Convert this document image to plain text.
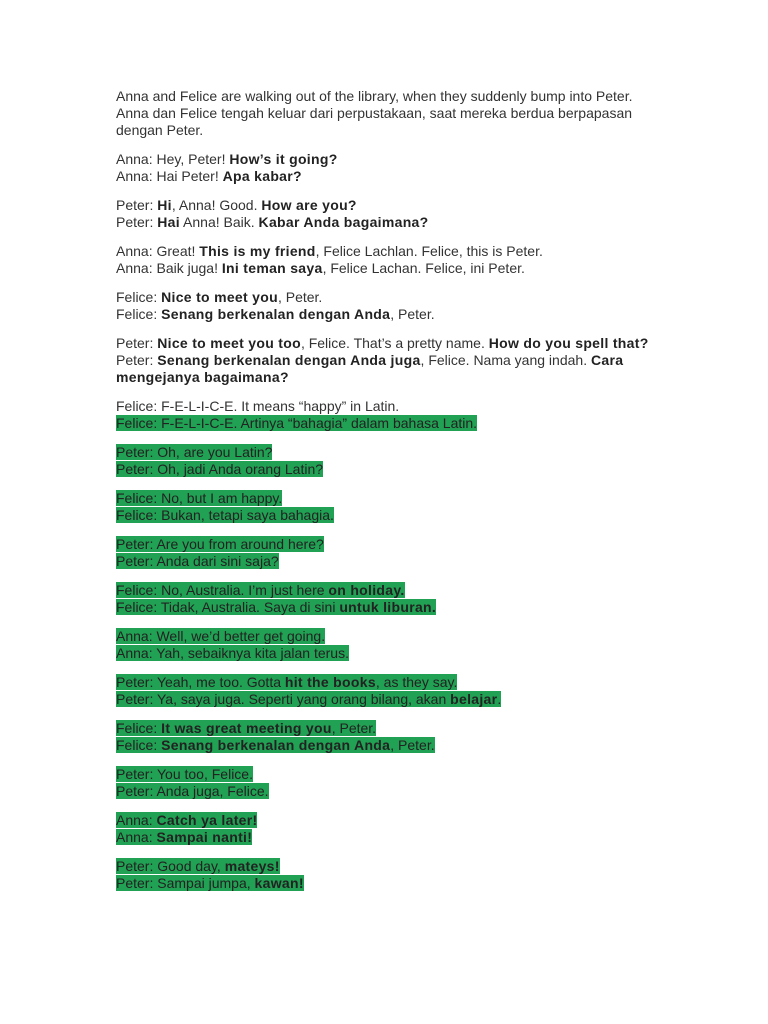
Anna and Felice are walking out of the library, when they suddenly bump into Peter.
Anna dan Felice tengah keluar dari perpustakaan, saat mereka berdua berpapasan dengan Peter.
Anna: Hey, Peter! How’s it going?
Anna: Hai Peter! Apa kabar?
Peter: Hi, Anna! Good. How are you?
Peter: Hai Anna! Baik. Kabar Anda bagaimana?
Anna: Great! This is my friend, Felice Lachlan. Felice, this is Peter.
Anna: Baik juga! Ini teman saya, Felice Lachan. Felice, ini Peter.
Felice: Nice to meet you, Peter.
Felice: Senang berkenalan dengan Anda, Peter.
Peter: Nice to meet you too, Felice. That’s a pretty name. How do you spell that?
Peter: Senang berkenalan dengan Anda juga, Felice. Nama yang indah. Cara mengejanya bagaimana?
Felice: F-E-L-I-C-E. It means “happy” in Latin.
Felice: F-E-L-I-C-E. Artinya “bahagia” dalam bahasa Latin.
Peter: Oh, are you Latin?
Peter: Oh, jadi Anda orang Latin?
Felice: No, but I am happy.
Felice: Bukan, tetapi saya bahagia.
Peter: Are you from around here?
Peter: Anda dari sini saja?
Felice: No, Australia. I’m just here on holiday.
Felice: Tidak, Australia. Saya di sini untuk liburan.
Anna: Well, we’d better get going.
Anna: Yah, sebaiknya kita jalan terus.
Peter: Yeah, me too. Gotta hit the books, as they say.
Peter: Ya, saya juga. Seperti yang orang bilang, akan belajar.
Felice: It was great meeting you, Peter.
Felice: Senang berkenalan dengan Anda, Peter.
Peter: You too, Felice.
Peter: Anda juga, Felice.
Anna: Catch ya later!
Anna: Sampai nanti!
Peter: Good day, mateys!
Peter: Sampai jumpa, kawan!
